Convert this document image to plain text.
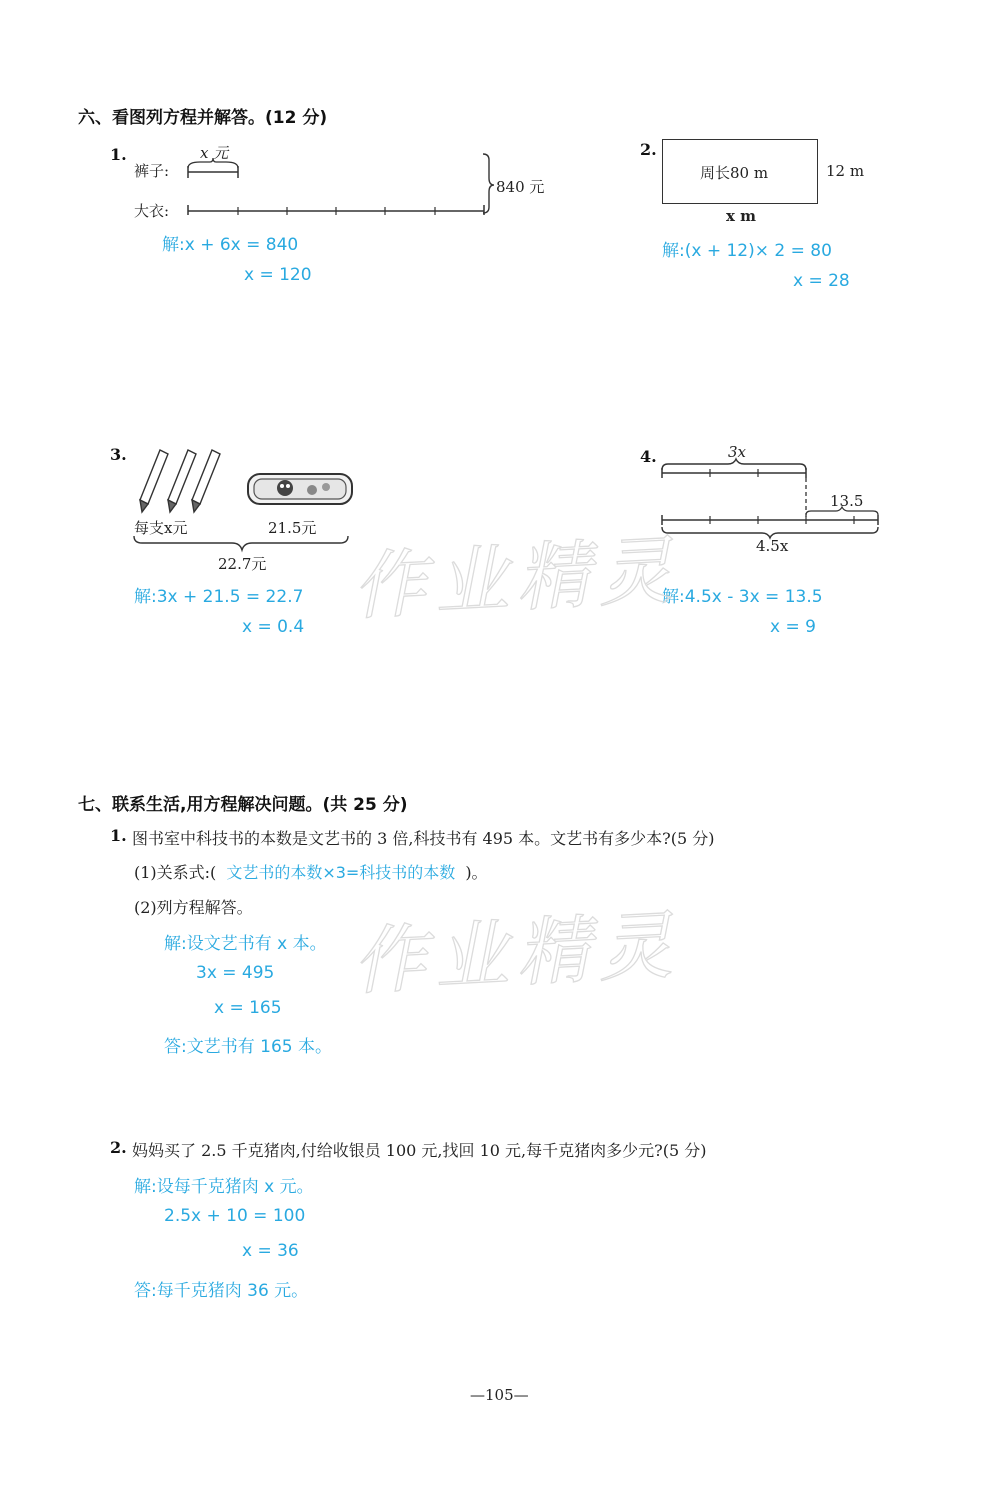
六、看图列方程并解答。(12 分)
1.
裤子:
大衣:
x 元
840 元
解:x + 6x = 840
x = 120
2.
周长80 m	12 m
x m
解:(x + 12)× 2 = 80
x = 28
3.
每支x元	21.5元
22.7元
解:3x + 21.5 = 22.7
x = 0.4
4.	3x
13.5
4.5x
解:4.5x - 3x = 13.5
x = 9
作业精灵
七、联系生活,用方程解决问题。(共 25 分)
1. 图书室中科技书的本数是文艺书的 3 倍,科技书有 495 本。文艺书有多少本?(5 分)
(1)关系式:( 文艺书的本数×3=科技书的本数 )。
(2)列方程解答。
解:设文艺书有 x 本。
3x = 495
x = 165
答:文艺书有 165 本。
作业精灵
2. 妈妈买了 2.5 千克猪肉,付给收银员 100 元,找回 10 元,每千克猪肉多少元?(5 分)
解:设每千克猪肉 x 元。
2.5x + 10 = 100
x = 36
答:每千克猪肉 36 元。
—105—
